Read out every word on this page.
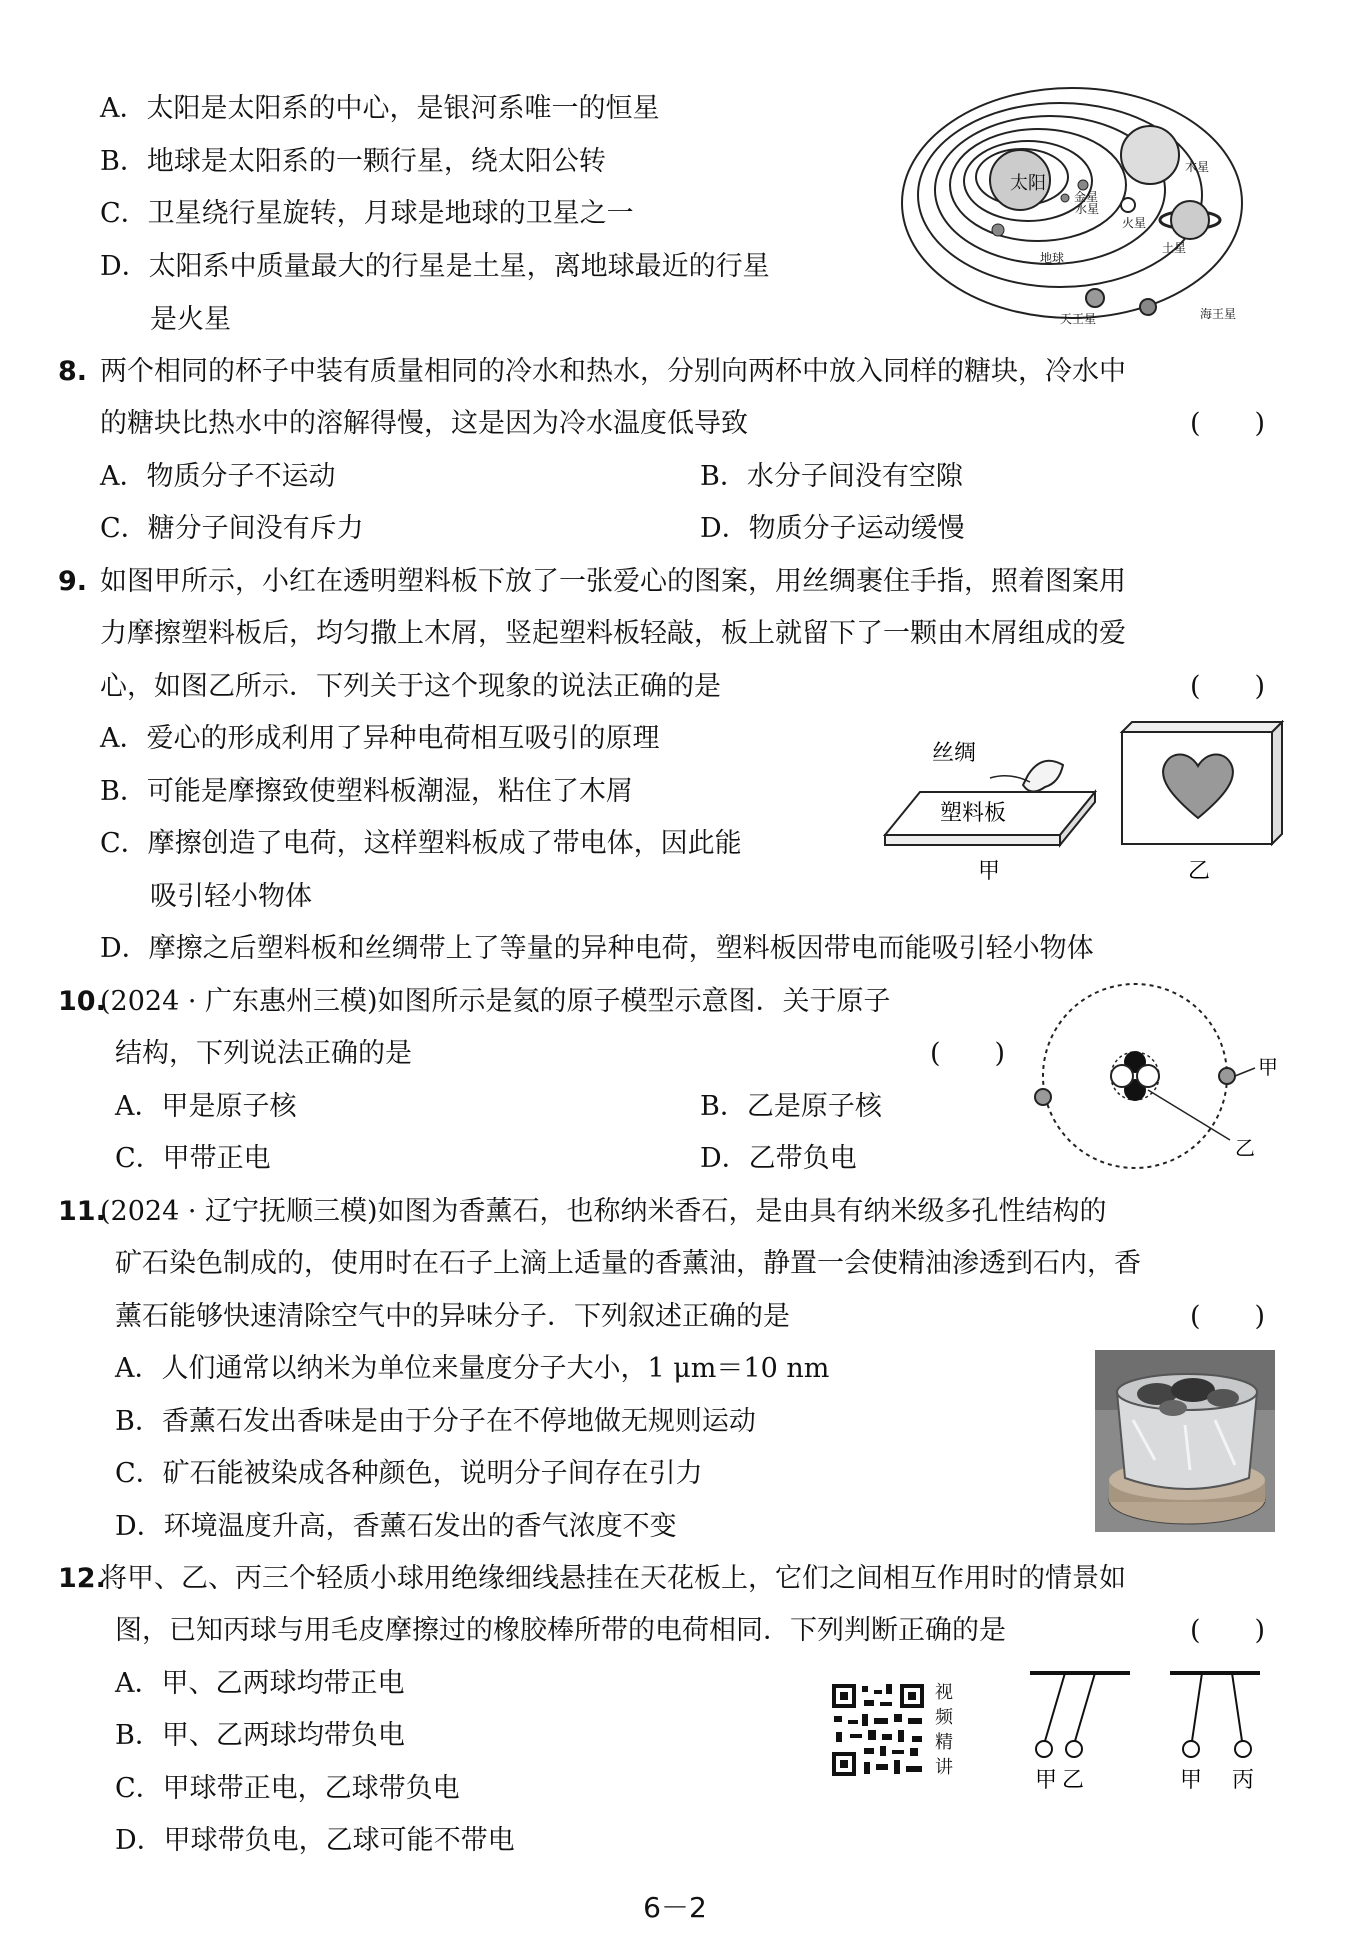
A．太阳是太阳系的中心，是银河系唯一的恒星
B．地球是太阳系的一颗行星，绕太阳公转
C．卫星绕行星旋转，月球是地球的卫星之一
D．太阳系中质量最大的行星是土星，离地球最近的行星
是火星
太阳
水星
金星
地球
火星
木星
土星
天王星	海王星
8. 两个相同的杯子中装有质量相同的冷水和热水，分别向两杯中放入同样的糖块，冷水中
的糖块比热水中的溶解得慢，这是因为冷水温度低导致	(　　)
A．物质分子不运动	B．水分子间没有空隙
C．糖分子间没有斥力	D．物质分子运动缓慢
9. 如图甲所示，小红在透明塑料板下放了一张爱心的图案，用丝绸裹住手指，照着图案用
力摩擦塑料板后，均匀撒上木屑，竖起塑料板轻敲，板上就留下了一颗由木屑组成的爱
心，如图乙所示．下列关于这个现象的说法正确的是	(　　)
A．爱心的形成利用了异种电荷相互吸引的原理
B．可能是摩擦致使塑料板潮湿，粘住了木屑
C．摩擦创造了电荷，这样塑料板成了带电体，因此能
吸引轻小物体
D．摩擦之后塑料板和丝绸带上了等量的异种电荷，塑料板因带电而能吸引轻小物体
丝绸
塑料板
甲	乙
10.
(2024 · 广东惠州三模)如图所示是氦的原子模型示意图．关于原子
结构，下列说法正确的是	(　　)
A．甲是原子核	B．乙是原子核
C．甲带正电	D．乙带负电
甲
乙
11.
(2024 · 辽宁抚顺三模)如图为香薰石，也称纳米香石，是由具有纳米级多孔性结构的
矿石染色制成的，使用时在石子上滴上适量的香薰油，静置一会使精油渗透到石内，香
薰石能够快速清除空气中的异味分子．下列叙述正确的是	(　　)
A．人们通常以纳米为单位来量度分子大小，1 μm＝10 nm
B．香薰石发出香味是由于分子在不停地做无规则运动
C．矿石能被染成各种颜色，说明分子间存在引力
D．环境温度升高，香薰石发出的香气浓度不变
12.
将甲、乙、丙三个轻质小球用绝缘细线悬挂在天花板上，它们之间相互作用时的情景如
图，已知丙球与用毛皮摩擦过的橡胶棒所带的电荷相同．下列判断正确的是	(　　)
A．甲、乙两球均带正电
B．甲、乙两球均带负电
C．甲球带正电，乙球带负电
D．甲球带负电，乙球可能不带电
视
频
精
讲
甲 乙	甲 丙
6－2
